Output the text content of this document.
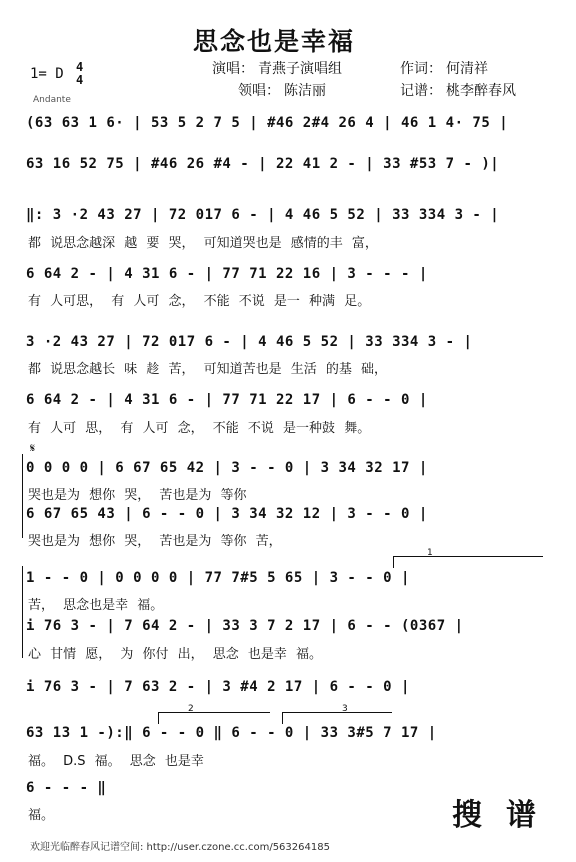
思念也是幸福
1= D 4
4
Andante
演唱： 青燕子演唱组	作词： 何清祥
领唱： 陈洁丽	记谱： 桃李醉春风
(63 63 1 6· | 53 5 2 7 5 | #46 2#4 26 4 | 46 1 4· 75 |
63 16 52 75 | #46 26 #4 - | 22 41 2 - | 33 #53 7 - )|
‖: 3 ·2 43 27 | 72 017 6 - | 4 46 5 52 | 33 334 3 - |
都 说思念越深 越 要 哭， 可知道哭也是 感情的丰 富，
6 64 2 - | 4 31 6 - | 77 71 22 16 | 3 - - - |
有 人可思， 有 人可 念， 不能 不说 是一 种满 足。
3 ·2 43 27 | 72 017 6 - | 4 46 5 52 | 33 334 3 - |
都 说思念越长 味 趁 苦， 可知道苦也是 生活 的基 础，
6 64 2 - | 4 31 6 - | 77 71 22 17 | 6 - - 0 |
有 人可 思， 有 人可 念， 不能 不说 是一种鼓 舞。
𝄋
0 0 0 0 | 6 67 65 42 | 3 - - 0 | 3 34 32 17 |
哭也是为 想你 哭， 苦也是为 等你
6 67 65 43 | 6 - - 0 | 3 34 32 12 | 3 - - 0 |
哭也是为 想你 哭， 苦也是为 等你 苦，
1
1 - - 0 | 0 0 0 0 | 77 7#5 5 65 | 3 - - 0 |
苦， 思念也是幸 福。
i 76 3 - | 7 64 2 - | 33 3 7 2 17 | 6 - - (0367 |
心 甘情 愿， 为 你付 出， 思念 也是幸 福。
i 76 3 - | 7 63 2 - | 3 #4 2 17 | 6 - - 0 |
2	3
63 13 1 -):‖ 6 - - 0 ‖ 6 - - 0 | 33 3#5 7 17 |
福。 D.S 福。 思念 也是幸
6 - - - ‖
福。	搜谱
欢迎光临醉春风记谱空间: http://user.czone.cc.com/563264185
